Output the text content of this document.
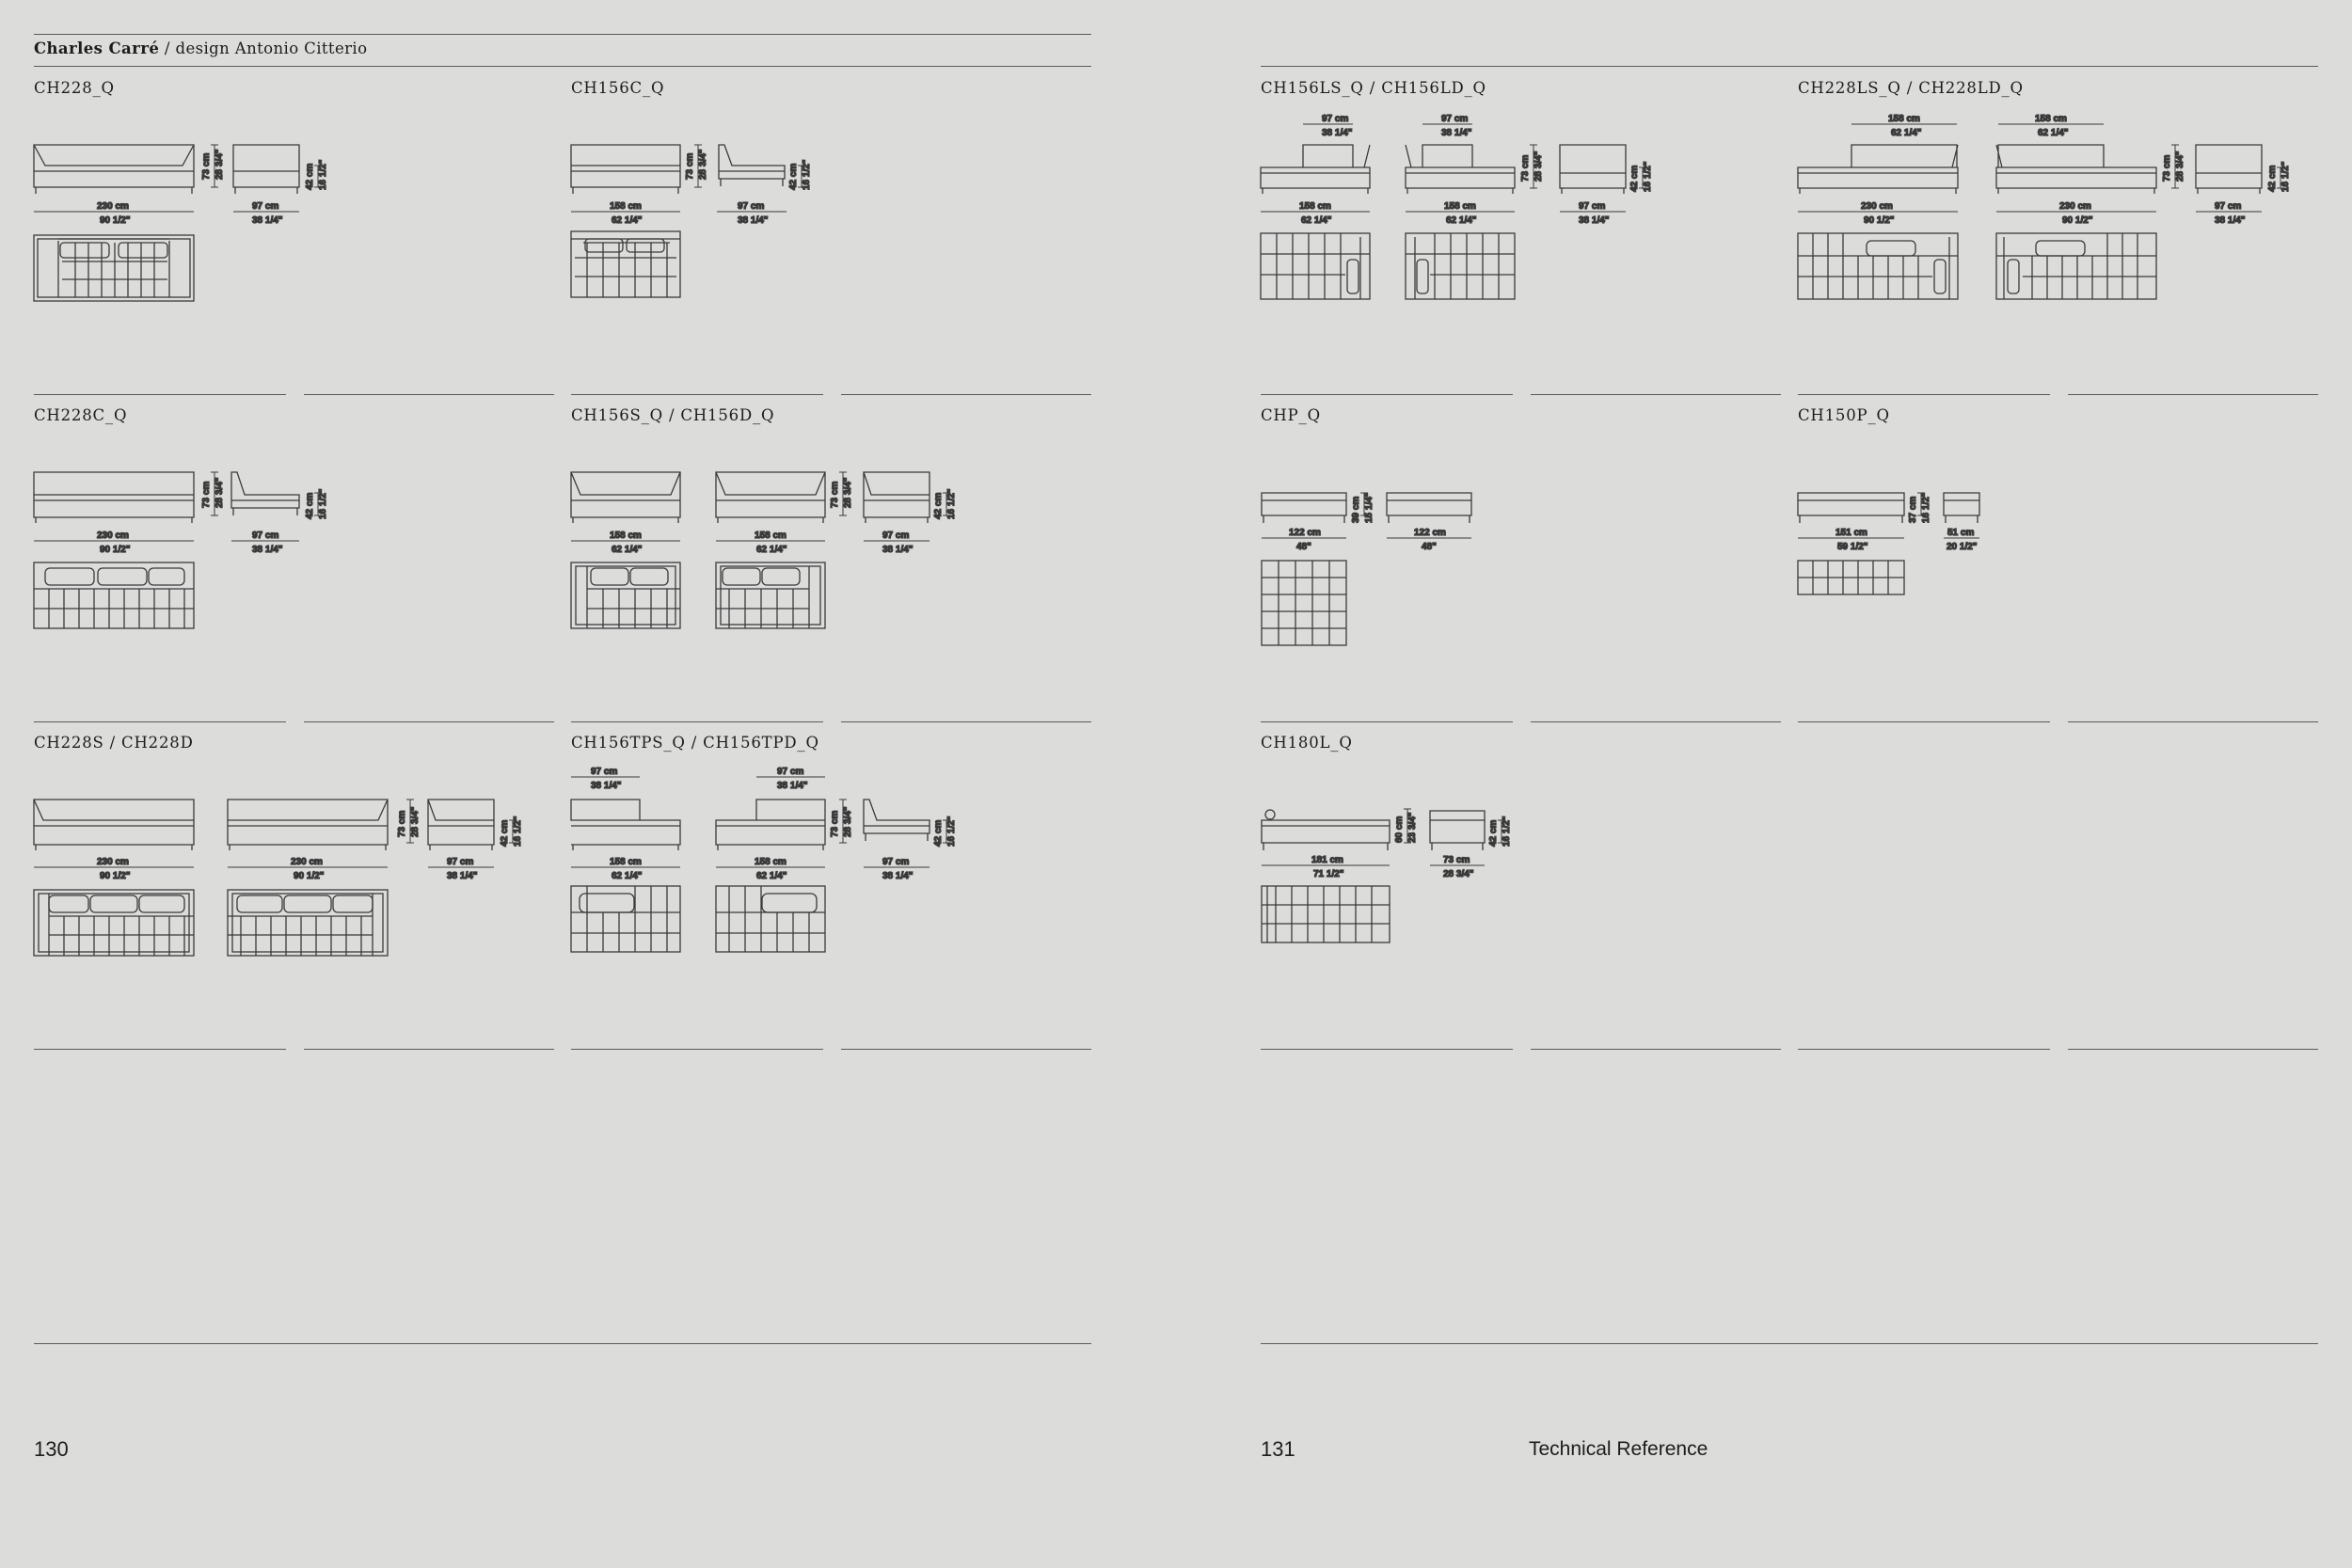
Charles Carré / design Antonio Citterio
CH228_Q	CH156C_Q
CH228C_Q	CH156S_Q / CH156D_Q
CH228S / CH228D	CH156TPS_Q / CH156TPD_Q
CH156LS_Q / CH156LD_Q	CH228LS_Q / CH228LD_Q
CHP_Q	CH150P_Q
CH180L_Q
130	131	Technical Reference
73 cm 28 3/4"
230 cm
90 1/2"
42 cm 16 1/2"
97 cm
38 1/4"
73 cm 28 3/4"
158 cm
62 1/4"
42 cm 16 1/2"
97 cm
38 1/4"
73 cm 28 3/4"
230 cm
90 1/2"
42 cm 16 1/2"
97 cm
38 1/4"
158 cm
62 1/4"
158 cm
62 1/4"
73 cm 28 3/4"	42 cm 16 1/2"
97 cm
38 1/4"
230 cm
90 1/2"
230 cm
90 1/2"
73 cm 28 3/4"	42 cm 16 1/2"
97 cm
38 1/4"
97 cm
38 1/4"
158 cm
62 1/4"
97 cm
38 1/4"
158 cm
62 1/4"
73 cm 28 3/4"	42 cm 16 1/2"
97 cm
38 1/4"
97 cm
38 1/4"
158 cm
62 1/4"
97 cm
38 1/4"
158 cm
62 1/4"
73 cm 28 3/4"	42 cm 16 1/2"
97 cm
38 1/4"
158 cm
62 1/4"
230 cm
90 1/2"
158 cm
62 1/4"
230 cm
90 1/2"
73 cm 28 3/4"	42 cm 16 1/2"
97 cm
38 1/4"
39 cm 15 1/4"
122 cm
48"
122 cm
48"
37 cm 16 1/2"
151 cm
59 1/2"
51 cm
20 1/2"
60 cm 23 3/4"
181 cm
71 1/2"
42 cm 16 1/2"
73 cm
28 3/4"
